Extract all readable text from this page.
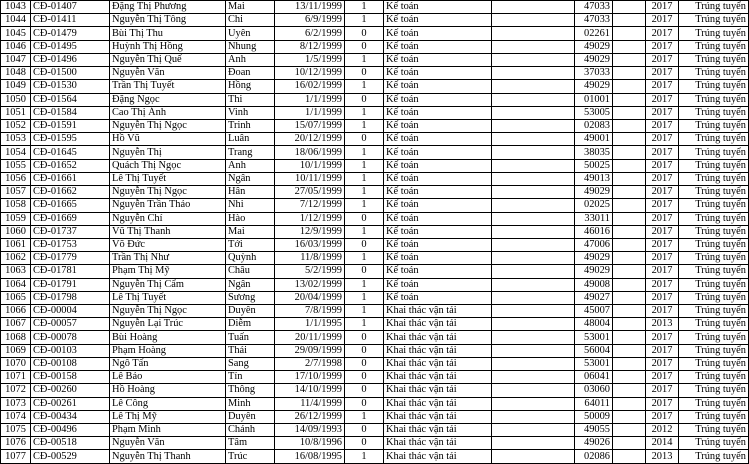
1043	CĐ-01407	Đặng Thị Phương	Mai	13/11/1999	1	Kế toán		47033		2017	Trúng tuyển
1044	CĐ-01411	Nguyễn Thị Tông	Chi	6/9/1999	1	Kế toán		47033		2017	Trúng tuyển
1045	CĐ-01479	Bùi Thị Thu	Uyên	6/2/1999	0	Kế toán		02261		2017	Trúng tuyển
1046	CĐ-01495	Huỳnh Thị Hồng	Nhung	8/12/1999	0	Kế toán		49029		2017	Trúng tuyển
1047	CĐ-01496	Nguyễn Thị Quế	Anh	1/5/1999	1	Kế toán		49029		2017	Trúng tuyển
1048	CĐ-01500	Nguyễn Văn	Đoan	10/12/1999	0	Kế toán		37033		2017	Trúng tuyển
1049	CĐ-01530	Trần Thị Tuyết	Hồng	16/02/1999	1	Kế toán		49029		2017	Trúng tuyển
1050	CĐ-01564	Đặng Ngọc	Thi	1/1/1999	0	Kế toán		01001		2017	Trúng tuyển
1051	CĐ-01584	Cao Thị Ánh	Vinh	1/1/1999	1	Kế toán		53005		2017	Trúng tuyển
1052	CĐ-01591	Nguyễn Thị Ngọc	Trinh	15/07/1999	1	Kế toán		02083		2017	Trúng tuyển
1053	CĐ-01595	Hồ Vũ	Luân	20/12/1999	0	Kế toán		49001		2017	Trúng tuyển
1054	CĐ-01645	Nguyễn Thị	Trang	18/06/1999	1	Kế toán		38035		2017	Trúng tuyển
1055	CĐ-01652	Quách Thị Ngọc	Anh	10/1/1999	1	Kế toán		50025		2017	Trúng tuyển
1056	CĐ-01661	Lê Thị Tuyết	Ngân	10/11/1999	1	Kế toán		49013		2017	Trúng tuyển
1057	CĐ-01662	Nguyễn Thị Ngọc	Hân	27/05/1999	1	Kế toán		49029		2017	Trúng tuyển
1058	CĐ-01665	Nguyễn Trần Thảo	Nhi	7/12/1999	1	Kế toán		02025		2017	Trúng tuyển
1059	CĐ-01669	Nguyễn Chí	Hào	1/12/1999	0	Kế toán		33011		2017	Trúng tuyển
1060	CĐ-01737	Vũ Thị Thanh	Mai	12/9/1999	1	Kế toán		46016		2017	Trúng tuyển
1061	CĐ-01753	Võ Đức	Tới	16/03/1999	0	Kế toán		47006		2017	Trúng tuyển
1062	CĐ-01779	Trần Thị Như	Quỳnh	11/8/1999	1	Kế toán		49029		2017	Trúng tuyển
1063	CĐ-01781	Phạm Thị Mỹ	Châu	5/2/1999	0	Kế toán		49029		2017	Trúng tuyển
1064	CĐ-01791	Nguyễn Thị Cẩm	Ngân	13/02/1999	1	Kế toán		49008		2017	Trúng tuyển
1065	CĐ-01798	Lê Thị Tuyết	Sương	20/04/1999	1	Kế toán		49027		2017	Trúng tuyển
1066	CĐ-00004	Nguyễn Thị Ngọc	Duyên	7/8/1999	1	Khai thác vận tải		45007		2017	Trúng tuyển
1067	CĐ-00057	Nguyễn Lại Trúc	Diễm	1/1/1995	1	Khai thác vận tải		48004		2013	Trúng tuyển
1068	CĐ-00078	Bùi Hoàng	Tuấn	20/11/1999	0	Khai thác vận tải		53001		2017	Trúng tuyển
1069	CĐ-00103	Phạm Hoàng	Thái	29/09/1999	0	Khai thác vận tải		56004		2017	Trúng tuyển
1070	CĐ-00108	Ngô Tấn	Sang	2/7/1998	0	Khai thác vận tải		53001		2017	Trúng tuyển
1071	CĐ-00158	Lê Bảo	Tín	17/10/1999	0	Khai thác vận tải		06041		2017	Trúng tuyển
1072	CĐ-00260	Hồ Hoàng	Thông	14/10/1999	0	Khai thác vận tải		03060		2017	Trúng tuyển
1073	CĐ-00261	Lê Công	Minh	11/4/1999	0	Khai thác vận tải		64011		2017	Trúng tuyển
1074	CĐ-00434	Lê Thị Mỹ	Duyên	26/12/1999	1	Khai thác vận tải		50009		2017	Trúng tuyển
1075	CĐ-00496	Phạm Minh	Chánh	14/09/1993	0	Khai thác vận tải		49055		2012	Trúng tuyển
1076	CĐ-00518	Nguyễn Văn	Tâm	10/8/1996	0	Khai thác vận tải		49026		2014	Trúng tuyển
1077	CĐ-00529	Nguyễn Thị Thanh	Trúc	16/08/1995	1	Khai thác vận tải		02086		2013	Trúng tuyển
